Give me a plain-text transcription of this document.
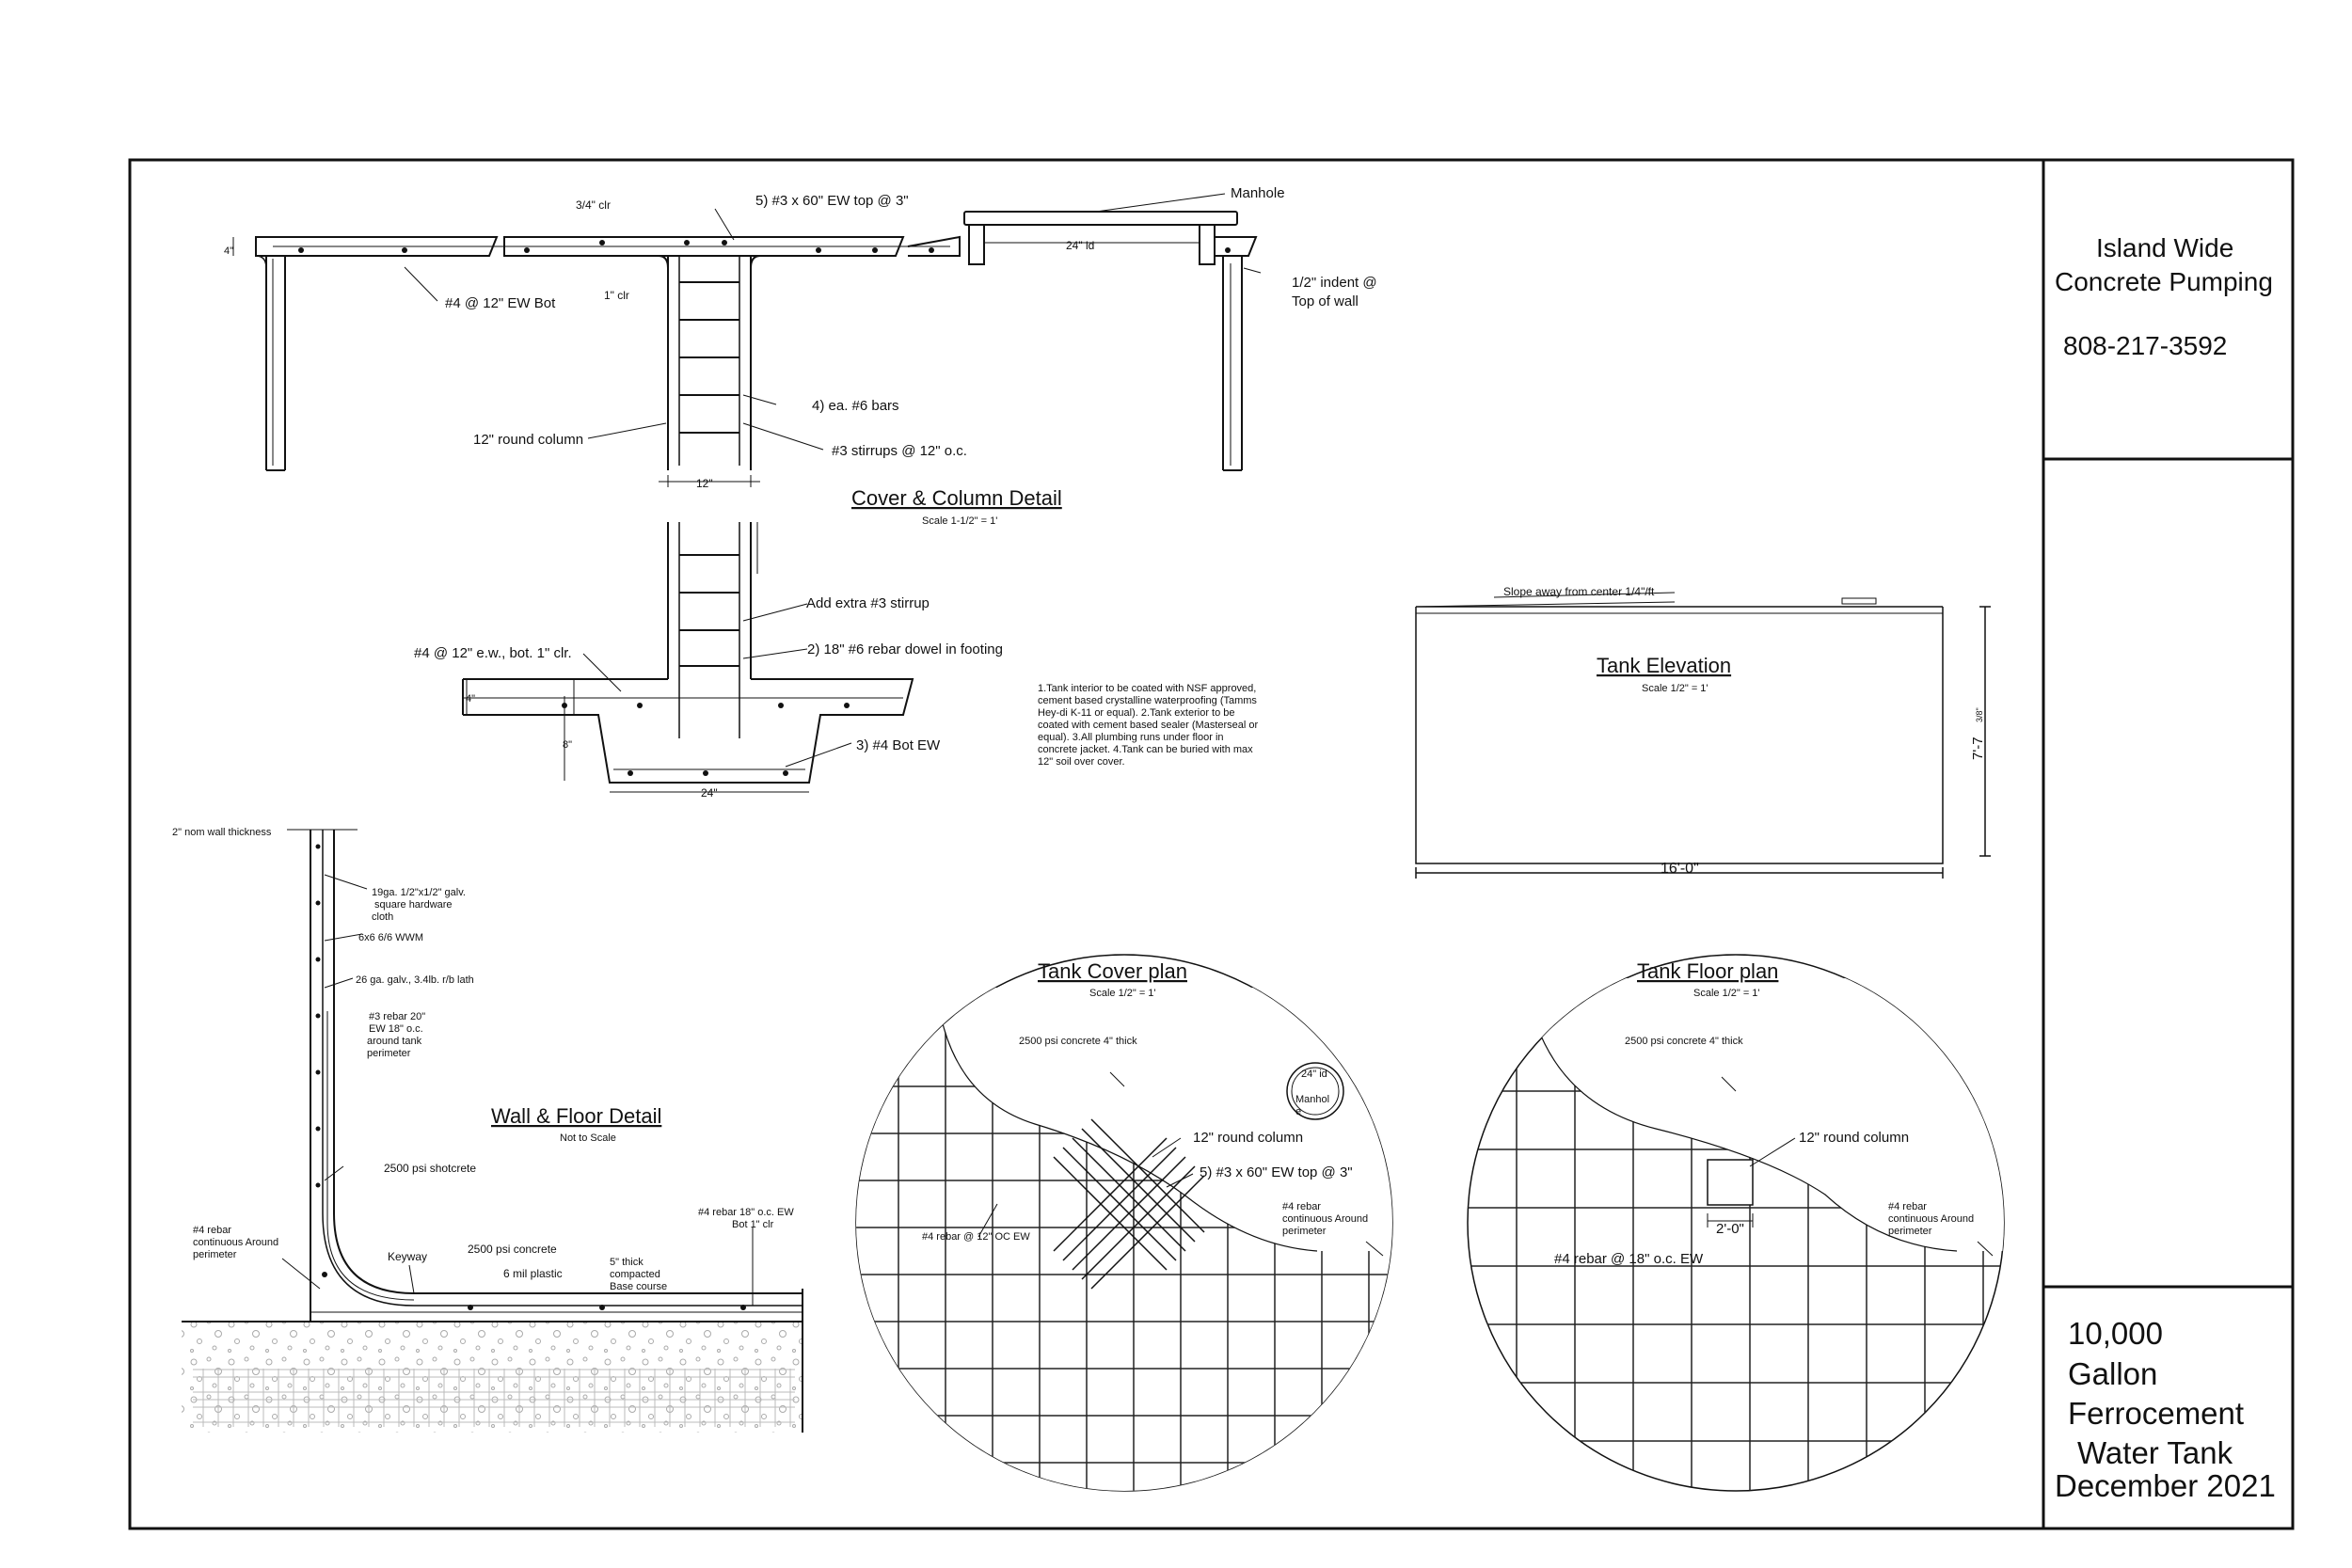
3/4" clr	5) #3 x 60" EW top @ 3"	Manhole
4"
#4 @ 12" EW Bot	1" clr
24" id
1/2" indent @
Top of wall
4) ea. #6 bars
12" round column
#3 stirrups @ 12" o.c.
12"
Cover & Column Detail
Scale 1-1/2" = 1'
Add extra #3 stirrup
#4 @ 12" e.w., bot. 1" clr.	2) 18" #6 rebar dowel in footing
4"
8"	3) #4 Bot EW
24"
1.Tank interior to be coated with NSF approved,
cement based crystalline waterproofing (Tamms
Hey-di K-11 or equal). 2.Tank exterior to be
coated with cement based sealer (Masterseal or
equal). 3.All plumbing runs under floor in
concrete jacket. 4.Tank can be buried with max
12" soil over cover.
Slope away from center 1/4"/ft
Tank Elevation
Scale 1/2" = 1'
7'-7
3/8"
16'-0"
2" nom wall thickness
19ga. 1/2"x1/2" galv.
square hardware
cloth
6x6 6/6 WWM
26 ga. galv., 3.4lb. r/b lath
#3 rebar 20"
EW 18" o.c.
around tank
perimeter
Wall & Floor Detail
Not to Scale
2500 psi shotcrete
#4 rebar
continuous Around
perimeter	Keyway
2500 psi concrete
6 mil plastic
5" thick
compacted
Base course
#4 rebar 18" o.c. EW
Bot 1" clr
Tank Cover plan
Scale 1/2" = 1'
2500 psi concrete 4" thick
24" id
Manhol
e
12" round column
5) #3 x 60" EW top @ 3"
#4 rebar @ 12" OC EW
#4 rebar
continuous Around
perimeter
Tank Floor plan
Scale 1/2" = 1'
2500 psi concrete 4" thick
12" round column
2'-0"
#4 rebar @ 18" o.c. EW
#4 rebar
continuous Around
perimeter
Island Wide
Concrete Pumping
808-217-3592
10,000
Gallon
Ferrocement
Water Tank
December 2021
